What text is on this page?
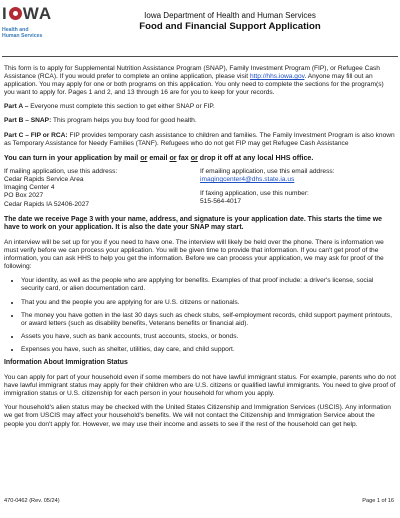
I WA
Health and
Human Services
Iowa Department of Health and Human Services
Food and Financial Support Application

This form is to apply for Supplemental Nutrition Assistance Program (SNAP), Family Investment Program (FIP), or Refugee Cash Assistance (RCA). If you would prefer to complete an online application, please visit http://hhs.iowa.gov. Anyone may fill out an application. You may apply for one or both programs on this application. You only need to complete the sections for the program(s) you want to apply for. Pages 1 and 2, and 13 through 16 are for you to keep for your records.

Part A – Everyone must complete this section to get either SNAP or FIP.

Part B – SNAP: This program helps you buy food for good health.

Part C – FIP or RCA: FIP provides temporary cash assistance to children and families. The Family Investment Program is also known as Temporary Assistance for Needy Families (TANF). Refugees who do not get FIP may get Refugee Cash Assistance

You can turn in your application by mail or email or fax or drop it off at any local HHS office.
If mailing application, use this address:
Cedar Rapids Service Area
Imaging Center 4
PO Box 2027
Cedar Rapids IA 52406-2027
If emailing application, use this email address:
imagingcenter4@dhs.state.ia.us
If faxing application, use this number:
515-564-4017
The date we receive Page 3 with your name, address, and signature is your application date. This starts the time we have to work on your application. It is also the date your SNAP may start.

An interview will be set up for you if you need to have one. The interview will likely be held over the phone. There is information we must verify before we can process your application. You will be given time to provide that information. If you can't get proof of the information, you can ask HHS to help you get the information. Before we can process your application, we may ask for proof of the following:

• Your identity, as well as the people who are applying for benefits. Examples of that proof include: a driver's license, social security card, or alien documentation card.
• That you and the people you are applying for are U.S. citizens or nationals.
• The money you have gotten in the last 30 days such as check stubs, self-employment records, child support payment printouts, or award letters (such as disability benefits, Veterans benefits or financial aid).
• Assets you have, such as bank accounts, trust accounts, stocks, or bonds.
• Expenses you have, such as shelter, utilities, day care, and child support.
Information About Immigration Status

You can apply for part of your household even if some members do not have lawful immigrant status. For example, parents who do not have lawful immigrant status may apply for their children who are U.S. citizens or qualified lawful immigrants. You need to give proof of immigration status or U.S. citizenship for each person in your household for whom you apply.

Your household's alien status may be checked with the United States Citizenship and Immigration Services (USCIS). Any information we get from USCIS may affect your household's benefits. We will not contact the Citizenship and Immigration Service about the people you don't apply for. However, we may use their income and assets to see if the rest of the household can get help.

470-0462 (Rev. 05/24)	Page 1 of 16
